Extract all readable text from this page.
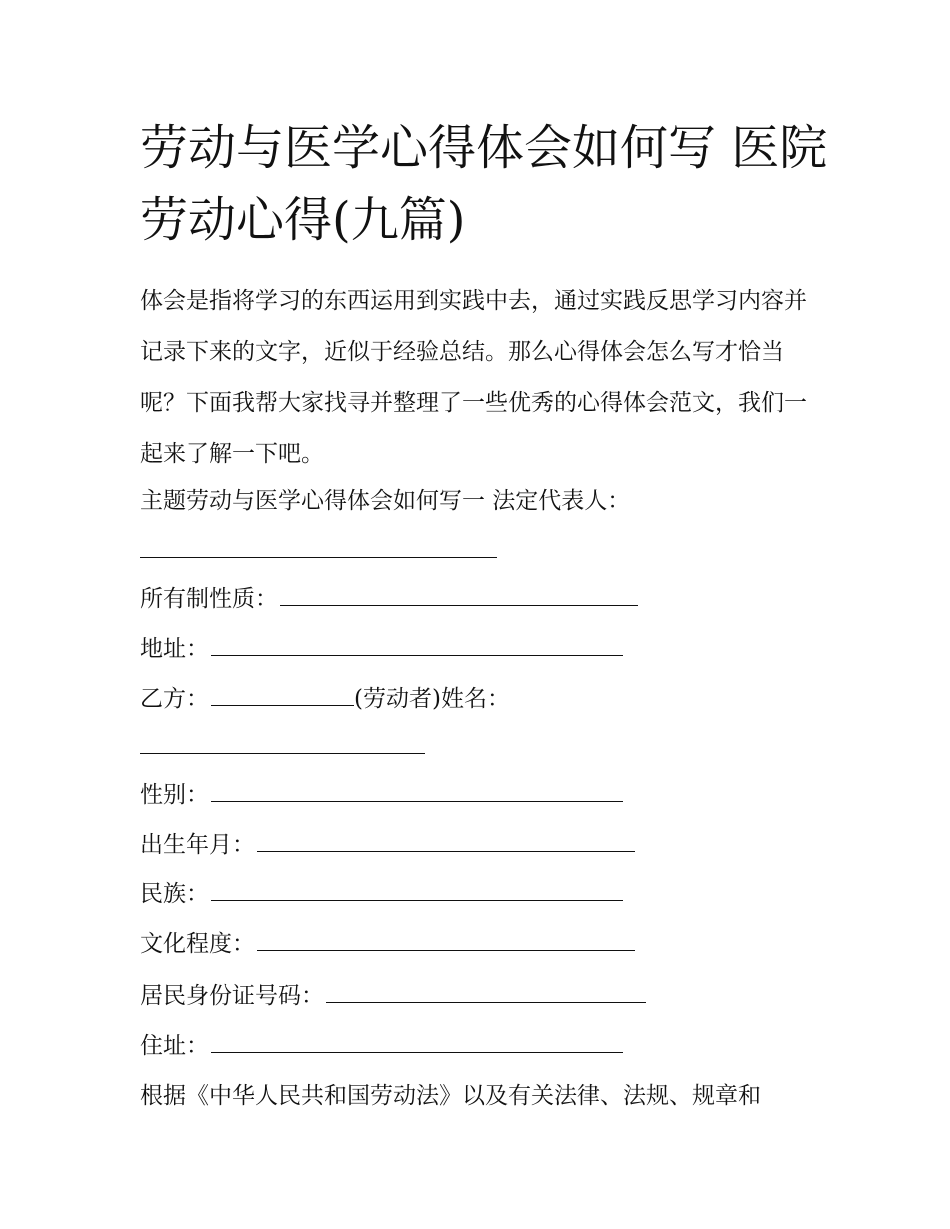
劳动与医学心得体会如何写 医院劳动心得(九篇)

体会是指将学习的东西运用到实践中去，通过实践反思学习内容并记录下来的文字，近似于经验总结。那么心得体会怎么写才恰当呢？下面我帮大家找寻并整理了一些优秀的心得体会范文，我们一起来了解一下吧。

主题劳动与医学心得体会如何写一 法定代表人：
所有制性质：
地址：
乙方：	(劳动者)姓名：
性别：
出生年月：
民族：
文化程度：
居民身份证号码：
住址：
根据《中华人民共和国劳动法》以及有关法律、法规、规章和
